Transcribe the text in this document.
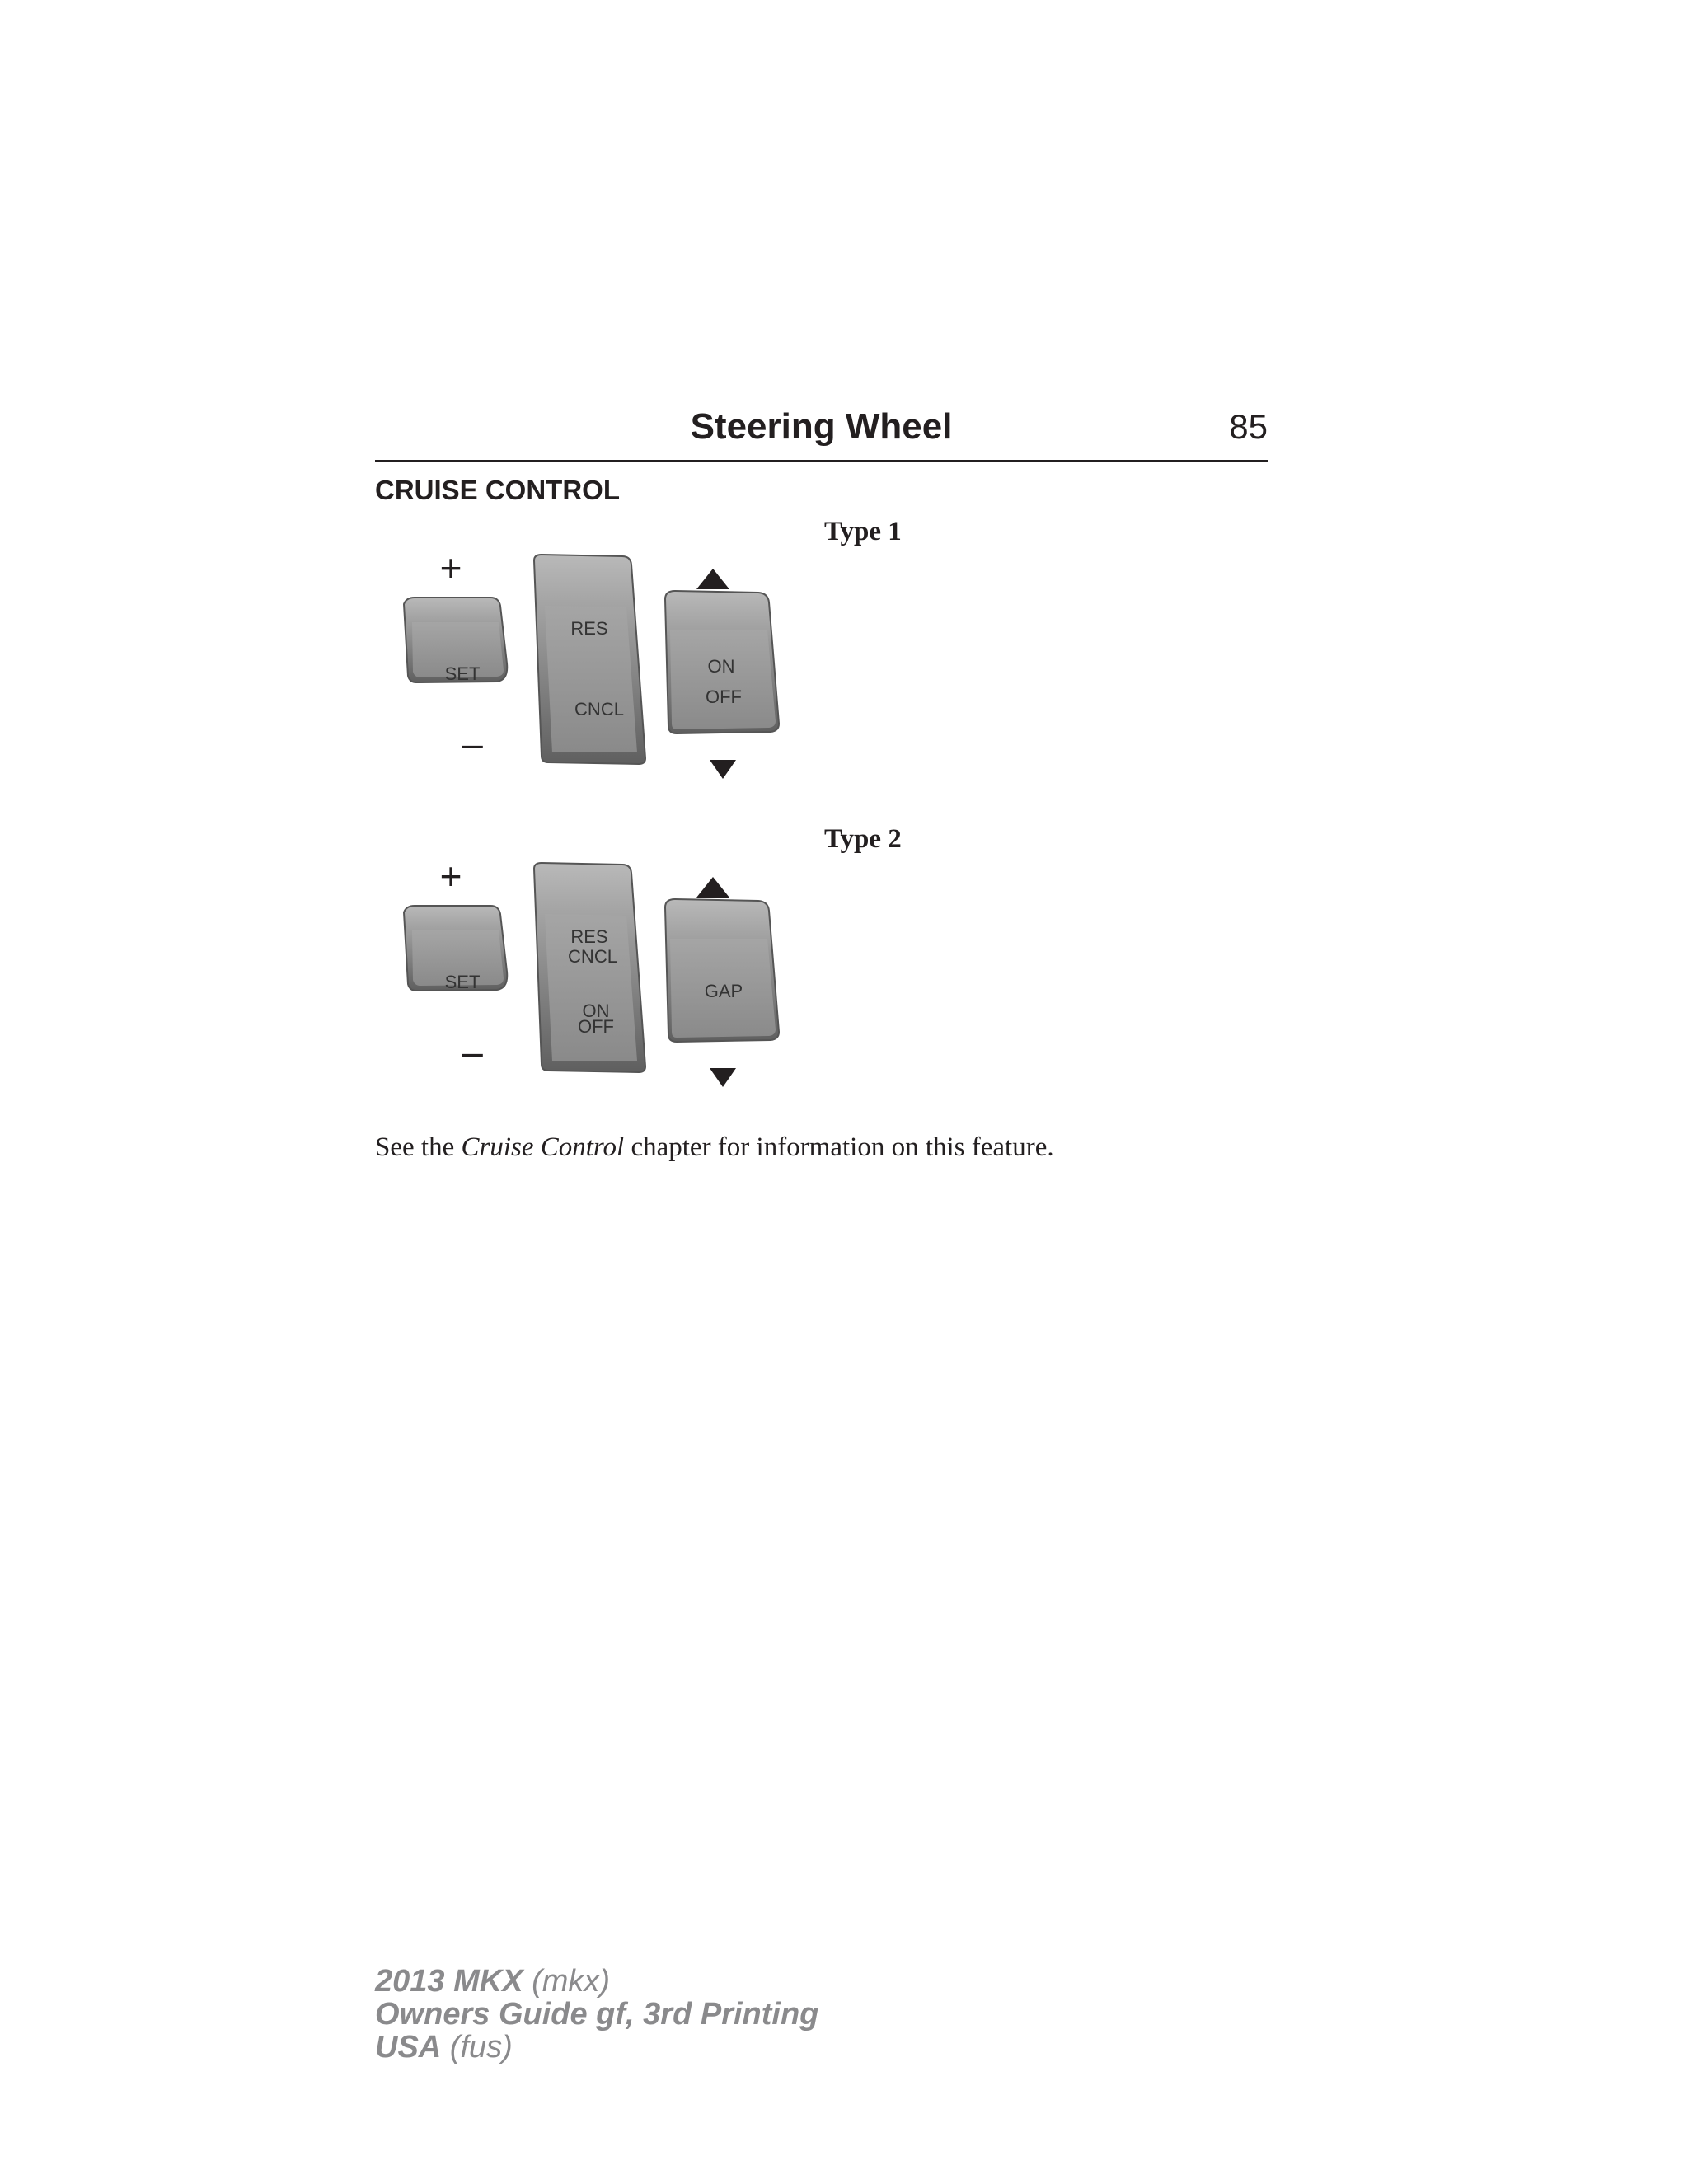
Steering Wheel	85
CRUISE CONTROL
Type 1
+
–
SET
RES
CNCL
ON
OFF
Type 2
+
–
SET
RES
CNCL
ON
OFF
GAP
See the Cruise Control chapter for information on this feature.
2013 MKX (mkx)
Owners Guide gf, 3rd Printing
USA (fus)
